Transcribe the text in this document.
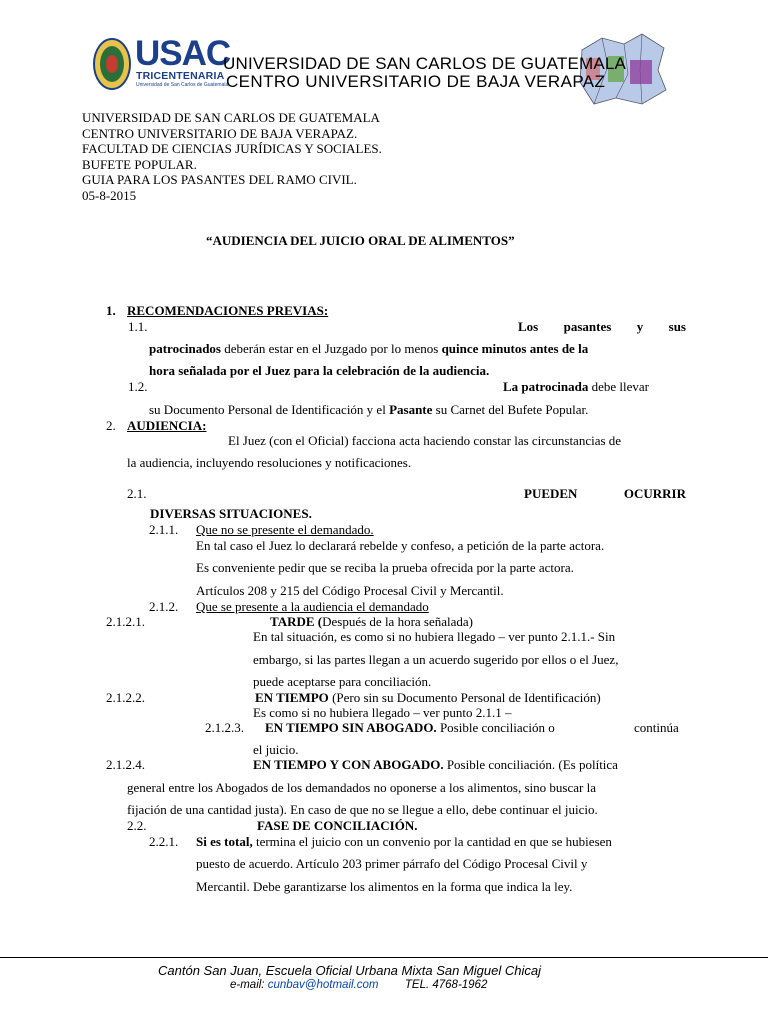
USAC
TRICENTENARIA
Universidad de San Carlos de Guatemala
UNIVERSIDAD DE SAN CARLOS DE GUATEMALA
CENTRO UNIVERSITARIO DE BAJA VERAPAZ
UNIVERSIDAD DE SAN CARLOS DE GUATEMALA
CENTRO UNIVERSITARIO DE BAJA VERAPAZ.
FACULTAD DE CIENCIAS JURÍDICAS Y SOCIALES.
BUFETE POPULAR.
GUIA PARA LOS PASANTES DEL RAMO CIVIL.
05-8-2015
“AUDIENCIA DEL JUICIO ORAL DE ALIMENTOS”
1. RECOMENDACIONES PREVIAS:
1.1.	Los pasantes y sus
patrocinados deberán estar en el Juzgado por lo menos quince minutos antes de la
hora señalada por el Juez para la celebración de la audiencia.
1.2.	La patrocinada debe llevar
su Documento Personal de Identificación y el Pasante su Carnet del Bufete Popular.
2. AUDIENCIA:
El Juez (con el Oficial) facciona acta haciendo constar las circunstancias de
la audiencia, incluyendo resoluciones y notificaciones.
2.1.	PUEDEN OCURRIR
DIVERSAS SITUACIONES.
2.1.1. Que no se presente el demandado.
En tal caso el Juez lo declarará rebelde y confeso, a petición de la parte actora.
Es conveniente pedir que se reciba la prueba ofrecida por la parte actora.
Artículos 208 y 215 del Código Procesal Civil y Mercantil.
2.1.2. Que se presente a la audiencia el demandado
2.1.2.1.	TARDE (Después de la hora señalada)
En tal situación, es como si no hubiera llegado – ver punto 2.1.1.- Sin
embargo, si las partes llegan a un acuerdo sugerido por ellos o el Juez,
puede aceptarse para conciliación.
2.1.2.2.	EN TIEMPO (Pero sin su Documento Personal de Identificación)
Es como si no hubiera llegado – ver punto 2.1.1 –
2.1.2.3. EN TIEMPO SIN ABOGADO. Posible conciliación o	continúa
el juicio.
2.1.2.4.	EN TIEMPO Y CON ABOGADO. Posible conciliación. (Es política
general entre los Abogados de los demandados no oponerse a los alimentos, sino buscar la
fijación de una cantidad justa). En caso de que no se llegue a ello, debe continuar el juicio.
2.2.	FASE DE CONCILIACIÓN.
2.2.1. Si es total, termina el juicio con un convenio por la cantidad en que se hubiesen
puesto de acuerdo. Artículo 203 primer párrafo del Código Procesal Civil y
Mercantil. Debe garantizarse los alimentos en la forma que indica la ley.
Cantón San Juan, Escuela Oficial Urbana Mixta San Miguel Chicaj
e-mail: cunbav@hotmail.com TEL. 4768-1962
